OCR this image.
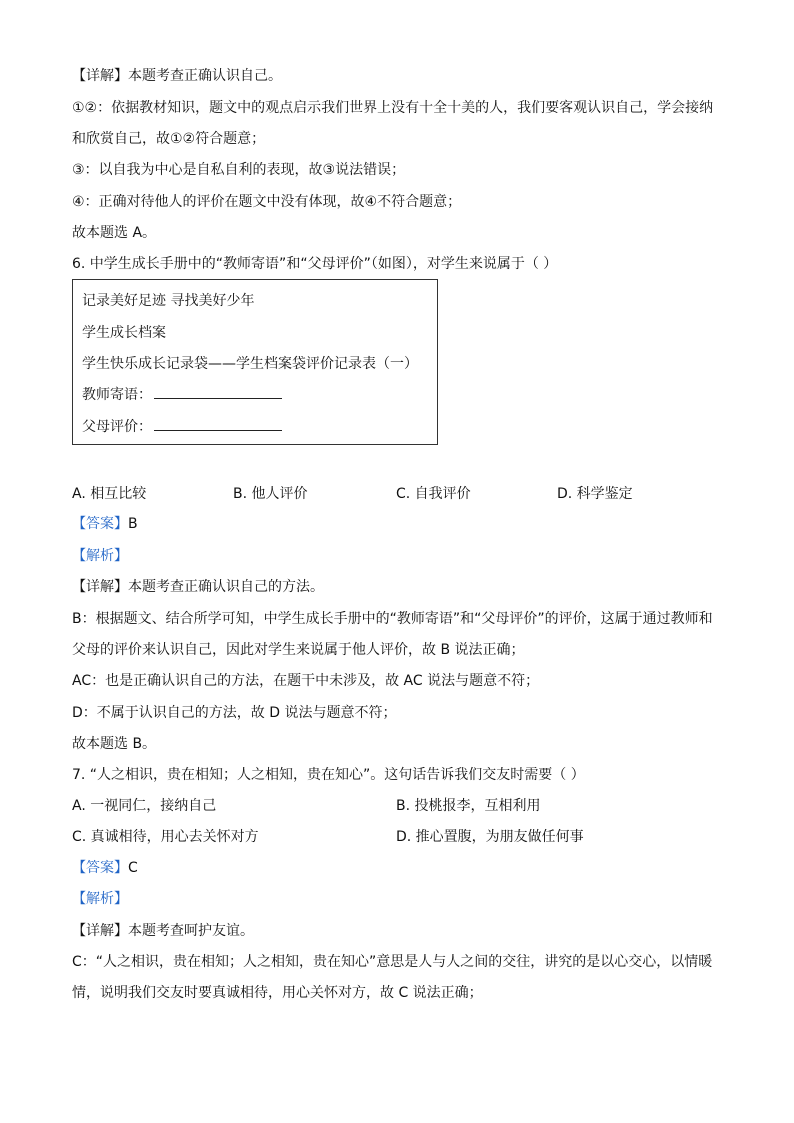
【详解】本题考查正确认识自己。
①②：依据教材知识，题文中的观点启示我们世界上没有十全十美的人，我们要客观认识自己，学会接纳
和欣赏自己，故①②符合题意；
③：以自我为中心是自私自利的表现，故③说法错误；
④：正确对待他人的评价在题文中没有体现，故④不符合题意；
故本题选 A。
6. 中学生成长手册中的“教师寄语”和“父母评价”（如图），对学生来说属于（ ）
记录美好足迹 寻找美好少年
学生成长档案
学生快乐成长记录袋——学生档案袋评价记录表（一）
教师寄语：
父母评价：
A. 相互比较	B. 他人评价	C. 自我评价	D. 科学鉴定
【答案】B
【解析】
【详解】本题考查正确认识自己的方法。
B：根据题文、结合所学可知，中学生成长手册中的“教师寄语”和“父母评价”的评价，这属于通过教师和
父母的评价来认识自己，因此对学生来说属于他人评价，故 B 说法正确；
AC：也是正确认识自己的方法，在题干中未涉及，故 AC 说法与题意不符；
D：不属于认识自己的方法，故 D 说法与题意不符；
故本题选 B。
7. “人之相识，贵在相知；人之相知，贵在知心”。这句话告诉我们交友时需要（ ）
A. 一视同仁，接纳自己	B. 投桃报李，互相利用
C. 真诚相待，用心去关怀对方	D. 推心置腹，为朋友做任何事
【答案】C
【解析】
【详解】本题考查呵护友谊。
C：“人之相识，贵在相知；人之相知，贵在知心”意思是人与人之间的交往，讲究的是以心交心，以情暖
情，说明我们交友时要真诚相待，用心关怀对方，故 C 说法正确；
